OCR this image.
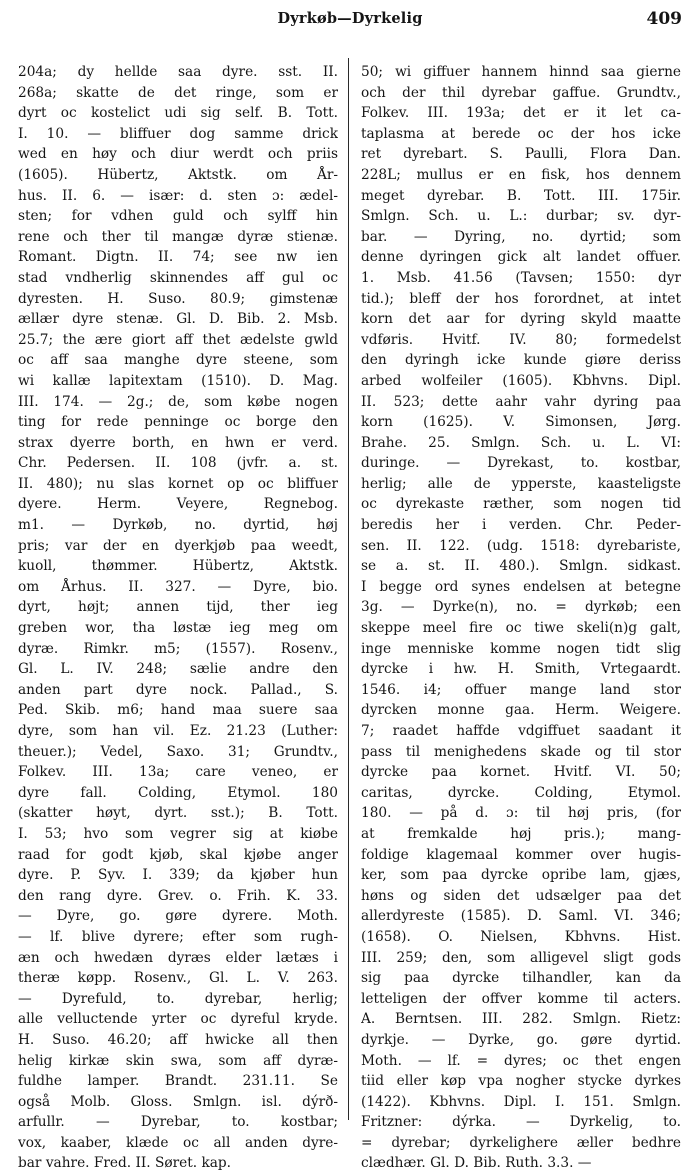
Dyrkøb—Dyrkelig	409
204a; dy hellde saa dyre. sst. II.
268a; skatte de det ringe, som er
dyrt oc kostelict udi sig self. B. Tott.
I. 10. — bliffuer dog samme drick
wed en høy och diur werdt och priis
(1605). Hübertz, Aktstk. om År-
hus. II. 6. — især: d. sten ɔ: ædel-
sten; for vdhen guld och sylff hin
rene och ther til mangæ dyræ stienæ.
Romant. Digtn. II. 74; see nw ien
stad vndherlig skinnendes aff gul oc
dyresten. H. Suso. 80.9; gimstenæ
ællær dyre stenæ. Gl. D. Bib. 2. Msb.
25.7; the ære giort aff thet ædelste gwld
oc aff saa manghe dyre steene, som
wi kallæ lapitextam (1510). D. Mag.
III. 174. — 2g.; de, som købe nogen
ting for rede penninge oc borge den
strax dyerre borth, en hwn er verd.
Chr. Pedersen. II. 108 (jvfr. a. st.
II. 480); nu slas kornet op oc bliffuer
dyere. Herm. Veyere, Regnebog.
m1. — Dyrkøb, no. dyrtid, høj
pris; var der en dyerkjøb paa weedt,
kuoll, thømmer. Hübertz, Aktstk.
om Århus. II. 327. — Dyre, bio.
dyrt, højt; annen tijd, ther ieg
greben wor, tha løstæ ieg meg om
dyræ. Rimkr. m5; (1557). Rosenv.,
Gl. L. IV. 248; sælie andre den
anden part dyre nock. Pallad., S.
Ped. Skib. m6; hand maa suere saa
dyre, som han vil. Ez. 21.23 (Luther:
theuer.); Vedel, Saxo. 31; Grundtv.,
Folkev. III. 13a; care veneo, er
dyre fall. Colding, Etymol. 180
(skatter høyt, dyrt. sst.); B. Tott.
I. 53; hvo som vegrer sig at kiøbe
raad for godt kjøb, skal kjøbe anger
dyre. P. Syv. I. 339; da kjøber hun
den rang dyre. Grev. o. Frih. K. 33.
— Dyre, go. gøre dyrere. Moth.
— lf. blive dyrere; efter som rugh-
æn och hwedæn dyræs elder lætæs i
theræ køpp. Rosenv., Gl. L. V. 263.
— Dyrefuld, to. dyrebar, herlig;
alle velluctende yrter oc dyreful kryde.
H. Suso. 46.20; aff hwicke all then
helig kirkæ skin swa, som aff dyræ-
fuldhe lamper. Brandt. 231.11. Se
også Molb. Gloss. Smlgn. isl. dýrð-
arfullr. — Dyrebar, to. kostbar;
vox, kaaber, klæde oc all anden dyre-
bar vahre. Fred. II. Søret. kap.
50; wi giffuer hannem hinnd saa gierne
och der thil dyrebar gaffue. Grundtv.,
Folkev. III. 193a; det er it let ca-
taplasma at berede oc der hos icke
ret dyrebart. S. Paulli, Flora Dan.
228L; mullus er en fisk, hos dennem
meget dyrebar. B. Tott. III. 175ir.
Smlgn. Sch. u. L.: durbar; sv. dyr-
bar. — Dyring, no. dyrtid; som
denne dyringen gick alt landet offuer.
1. Msb. 41.56 (Tavsen; 1550: dyr
tid.); bleff der hos forordnet, at intet
korn det aar for dyring skyld maatte
vdføris. Hvitf. IV. 80; formedelst
den dyringh icke kunde giøre deriss
arbed wolfeiler (1605). Kbhvns. Dipl.
II. 523; dette aahr vahr dyring paa
korn (1625). V. Simonsen, Jørg.
Brahe. 25. Smlgn. Sch. u. L. VI:
duringe. — Dyrekast, to. kostbar,
herlig; alle de ypperste, kaasteligste
oc dyrekaste ræther, som nogen tid
beredis her i verden. Chr. Peder-
sen. II. 122. (udg. 1518: dyrebariste,
se a. st. II. 480.). Smlgn. sidkast.
I begge ord synes endelsen at betegne
3g. — Dyrke(n), no. = dyrkøb; een
skeppe meel fire oc tiwe skeli(n)g galt,
inge menniske komme nogen tidt slig
dyrcke i hw. H. Smith, Vrtegaardt.
1546. i4; offuer mange land stor
dyrcken monne gaa. Herm. Weigere.
7; raadet haffde vdgiffuet saadant it
pass til menighedens skade og til stor
dyrcke paa kornet. Hvitf. VI. 50;
caritas, dyrcke. Colding, Etymol.
180. — på d. ɔ: til høj pris, (for
at fremkalde høj pris.); mang-
foldige klagemaal kommer over hugis-
ker, som paa dyrcke opribe lam, gjæs,
høns og siden det udsælger paa det
allerdyreste (1585). D. Saml. VI. 346;
(1658). O. Nielsen, Kbhvns. Hist.
III. 259; den, som alligevel sligt gods
sig paa dyrcke tilhandler, kan da
letteligen der offver komme til acters.
A. Berntsen. III. 282. Smlgn. Rietz:
dyrkje. — Dyrke, go. gøre dyrtid.
Moth. — lf. = dyres; oc thet engen
tiid eller køp vpa nogher stycke dyrkes
(1422). Kbhvns. Dipl. I. 151. Smlgn.
Fritzner: dýrka. — Dyrkelig, to.
= dyrebar; dyrkelighere æller bedhre
clædhær. Gl. D. Bib. Ruth. 3.3. —
